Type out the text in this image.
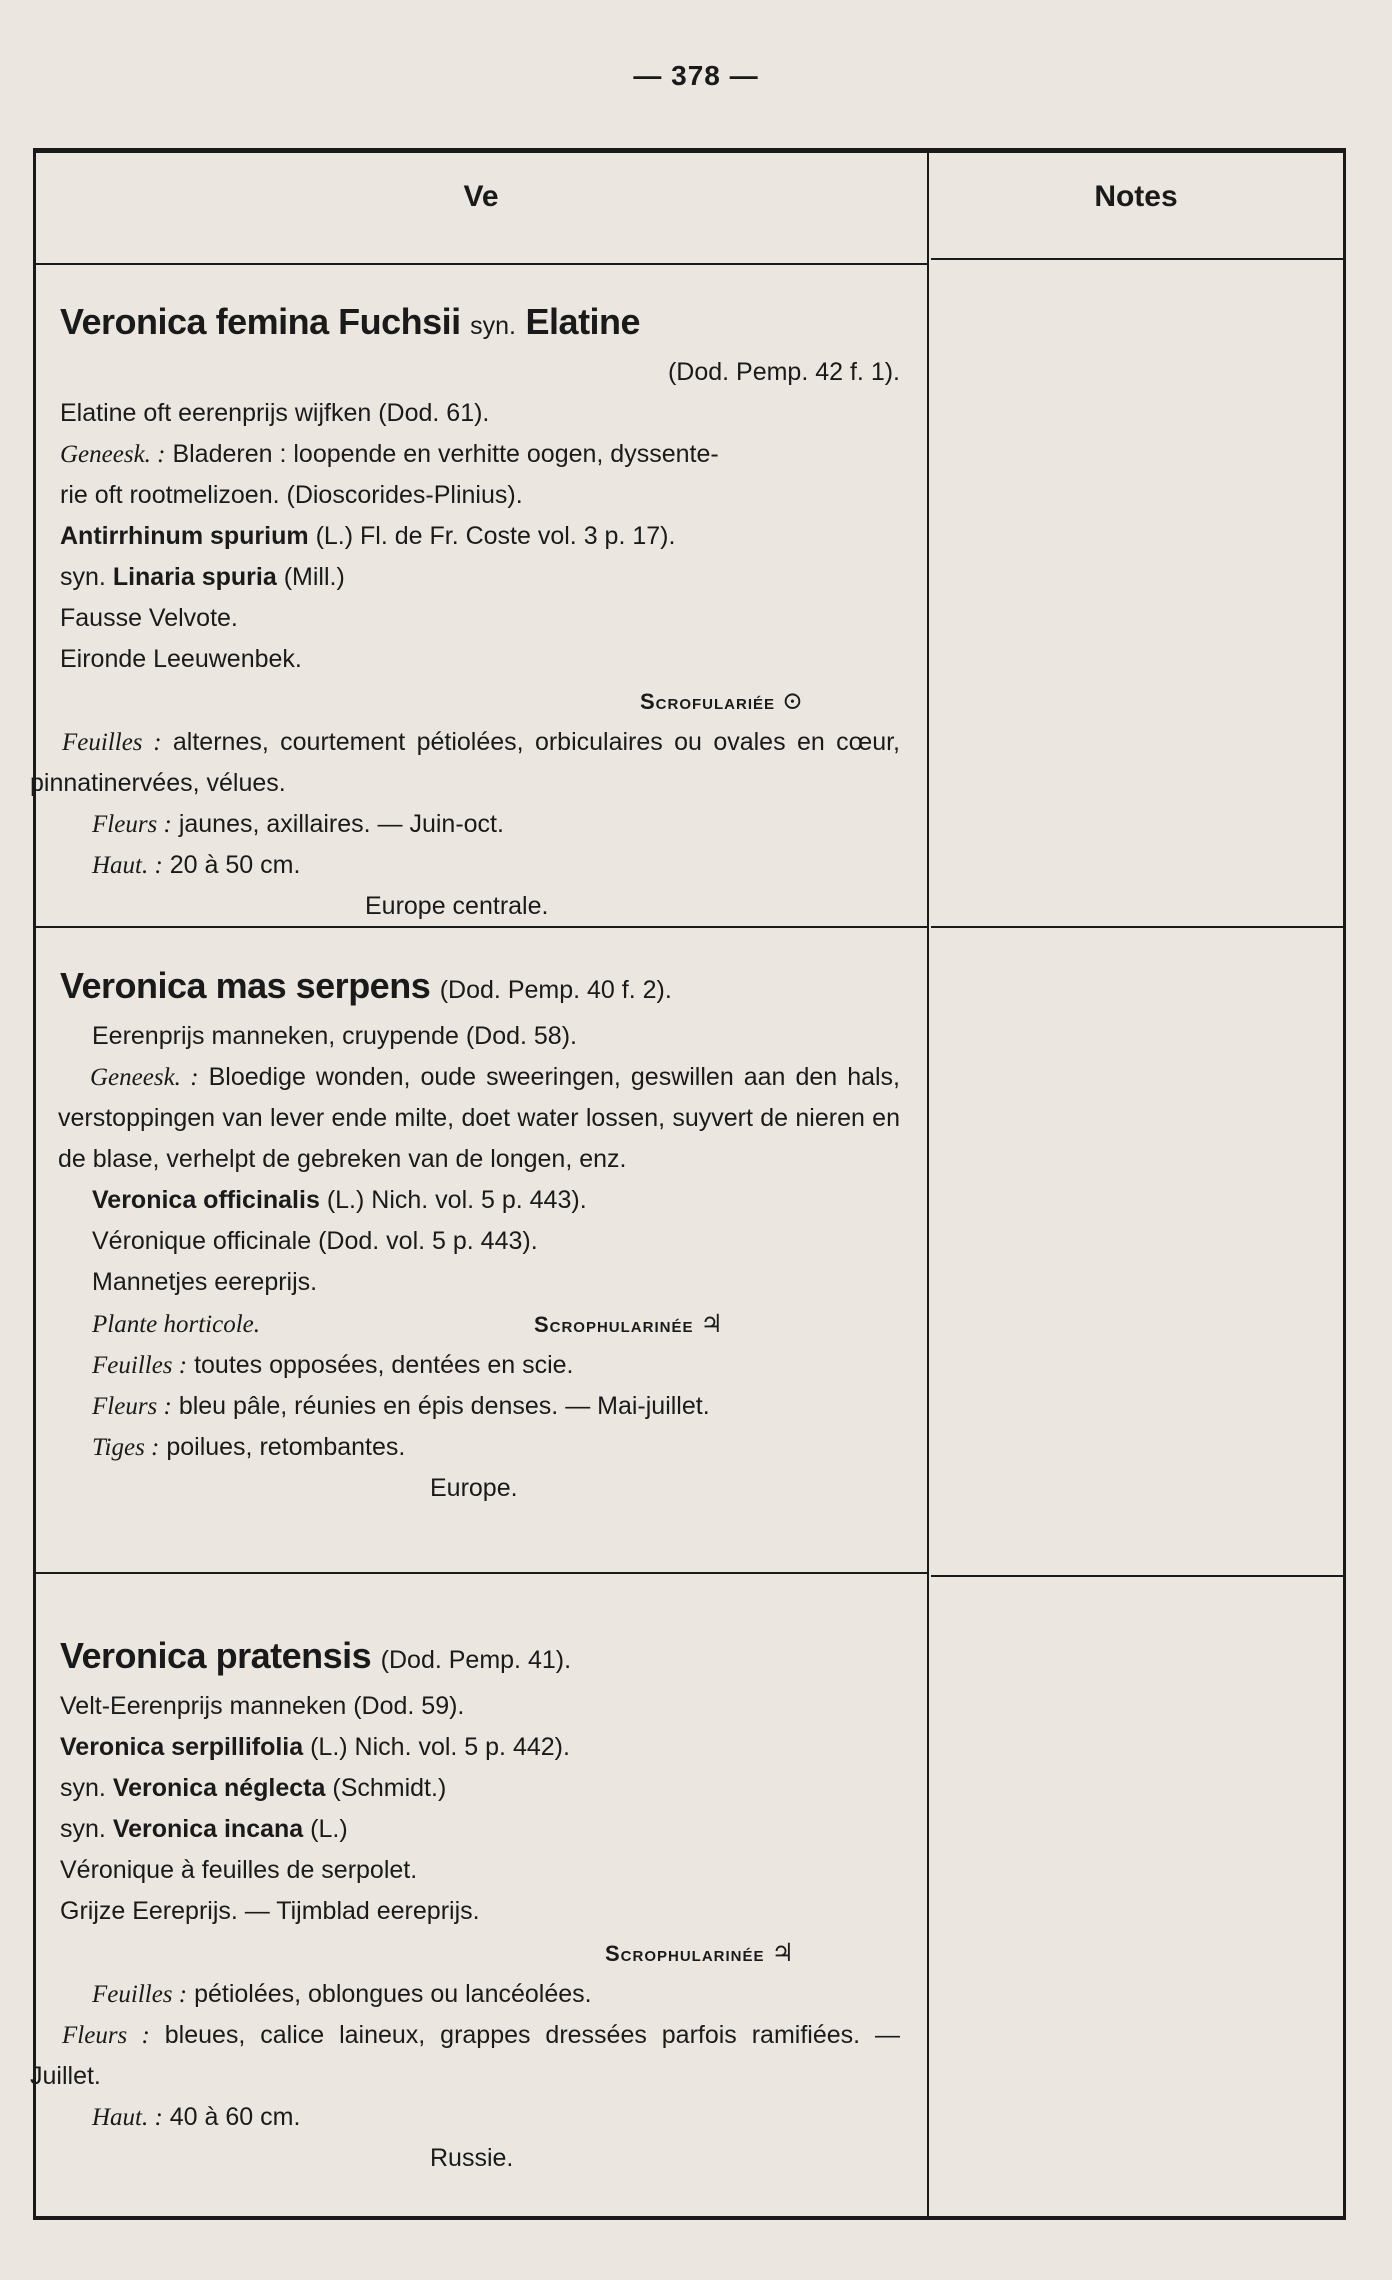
— 378 —
Ve	Notes
Veronica femina Fuchsii syn. Elatine
(Dod. Pemp. 42 f. 1).
Elatine oft eerenprijs wijfken (Dod. 61).
Geneesk. : Bladeren : loopende en verhitte oogen, dyssente-
rie oft rootmelizoen. (Dioscorides-Plinius).
Antirrhinum spurium (L.) Fl. de Fr. Coste vol. 3 p. 17).
syn. Linaria spuria (Mill.)
Fausse Velvote.
Eironde Leeuwenbek.
Scrofulariée ⊙
Feuilles : alternes, courtement pétiolées, orbiculaires ou ovales en cœur, pinnatinervées, vélues.
Fleurs : jaunes, axillaires. — Juin-oct.
Haut. : 20 à 50 cm.
Europe centrale.
Veronica mas serpens (Dod. Pemp. 40 f. 2).
Eerenprijs manneken, cruypende (Dod. 58).
Geneesk. : Bloedige wonden, oude sweeringen, geswillen aan den hals, verstoppingen van lever ende milte, doet water lossen, suyvert de nieren en de blase, verhelpt de gebreken van de longen, enz.
Veronica officinalis (L.) Nich. vol. 5 p. 443).
Véronique officinale (Dod. vol. 5 p. 443).
Mannetjes eereprijs.
Plante horticole.	Scrophularinée ♃
Feuilles : toutes opposées, dentées en scie.
Fleurs : bleu pâle, réunies en épis denses. — Mai-juillet.
Tiges : poilues, retombantes.
Europe.
Veronica pratensis (Dod. Pemp. 41).
Velt-Eerenprijs manneken (Dod. 59).
Veronica serpillifolia (L.) Nich. vol. 5 p. 442).
syn. Veronica néglecta (Schmidt.)
syn. Veronica incana (L.)
Véronique à feuilles de serpolet.
Grijze Eereprijs. — Tijmblad eereprijs.
Scrophularinée ♃
Feuilles : pétiolées, oblongues ou lancéolées.
Fleurs : bleues, calice laineux, grappes dressées parfois ramifiées. — Juillet.
Haut. : 40 à 60 cm.
Russie.
